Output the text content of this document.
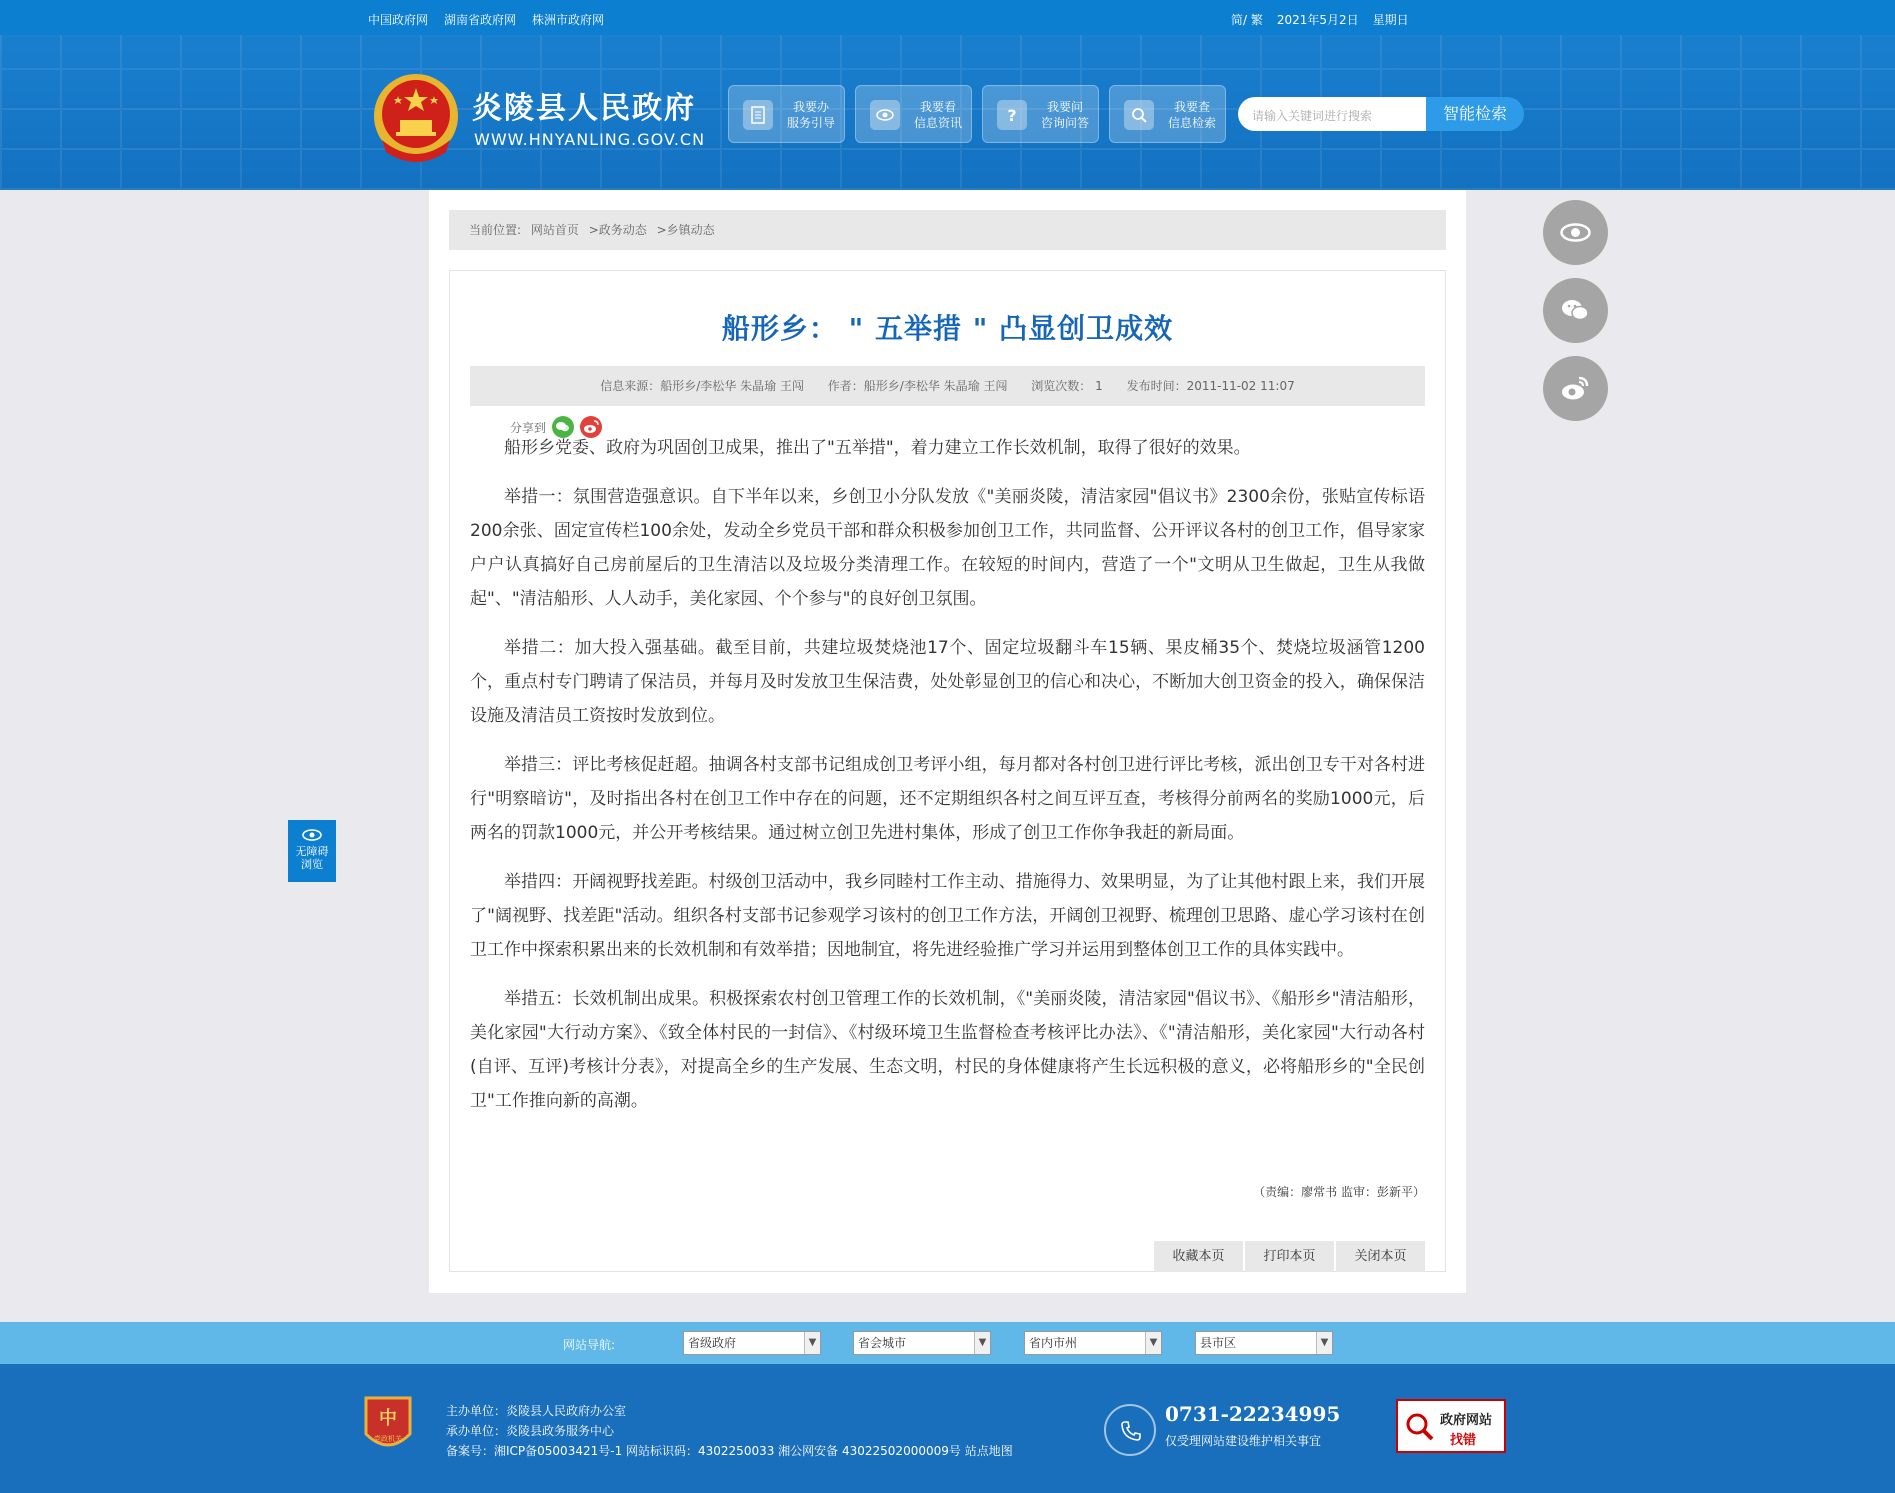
中国政府网 湖南省政府网 株洲市政府网	简/ 繁 2021年5月2日 星期日
炎陵县人民政府
WWW.HNYANLING.GOV.CN
我要办
服务引导
我要看
信息资讯	?	我要问
咨询问答
我要查
信息检索	请输入关键词进行搜索	智能检索
当前位置: 网站首页 >政务动态 >乡镇动态
船形乡： " 五举措 " 凸显创卫成效
信息来源：船形乡/李松华 朱晶瑜 王闯 作者：船形乡/李松华 朱晶瑜 王闯 浏览次数： 1 发布时间：2011-11-02 11:07
分享到

船形乡党委、政府为巩固创卫成果，推出了"五举措"，着力建立工作长效机制，取得了很好的效果。

举措一：氛围营造强意识。自下半年以来，乡创卫小分队发放《"美丽炎陵，清洁家园"倡议书》2300余份，张贴宣传标语200余张、固定宣传栏100余处，发动全乡党员干部和群众积极参加创卫工作，共同监督、公开评议各村的创卫工作，倡导家家户户认真搞好自己房前屋后的卫生清洁以及垃圾分类清理工作。在较短的时间内，营造了一个"文明从卫生做起，卫生从我做起"、"清洁船形、人人动手，美化家园、个个参与"的良好创卫氛围。

举措二：加大投入强基础。截至目前，共建垃圾焚烧池17个、固定垃圾翻斗车15辆、果皮桶35个、焚烧垃圾涵管1200个，重点村专门聘请了保洁员，并每月及时发放卫生保洁费，处处彰显创卫的信心和决心，不断加大创卫资金的投入，确保保洁设施及清洁员工资按时发放到位。

举措三：评比考核促赶超。抽调各村支部书记组成创卫考评小组，每月都对各村创卫进行评比考核，派出创卫专干对各村进行"明察暗访"，及时指出各村在创卫工作中存在的问题，还不定期组织各村之间互评互查，考核得分前两名的奖励1000元，后两名的罚款1000元，并公开考核结果。通过树立创卫先进村集体，形成了创卫工作你争我赶的新局面。

举措四：开阔视野找差距。村级创卫活动中，我乡同睦村工作主动、措施得力、效果明显，为了让其他村跟上来，我们开展了"阔视野、找差距"活动。组织各村支部书记参观学习该村的创卫工作方法，开阔创卫视野、梳理创卫思路、虚心学习该村在创卫工作中探索积累出来的长效机制和有效举措；因地制宜，将先进经验推广学习并运用到整体创卫工作的具体实践中。

举措五：长效机制出成果。积极探索农村创卫管理工作的长效机制，《"美丽炎陵，清洁家园"倡议书》、《船形乡"清洁船形，美化家园"大行动方案》、《致全体村民的一封信》、《村级环境卫生监督检查考核评比办法》、《"清洁船形，美化家园"大行动各村(自评、互评)考核计分表》，对提高全乡的生产发展、生态文明，村民的身体健康将产生长远积极的意义，必将船形乡的"全民创卫"工作推向新的高潮。

（责编：廖常书 监审：彭新平）
收藏本页	打印本页	关闭本页
无障碍
浏览
网站导航:	省级政府	▼	省会城市	▼	省内市州	▼	县市区	▼
中
党政机关
主办单位：炎陵县人民政府办公室
承办单位：炎陵县政务服务中心
备案号：湘ICP备05003421号-1 网站标识码：4302250033 湘公网安备 43022502000009号 站点地图
0731-22234995
仅受理网站建设维护相关事宜
政府网站
找错
